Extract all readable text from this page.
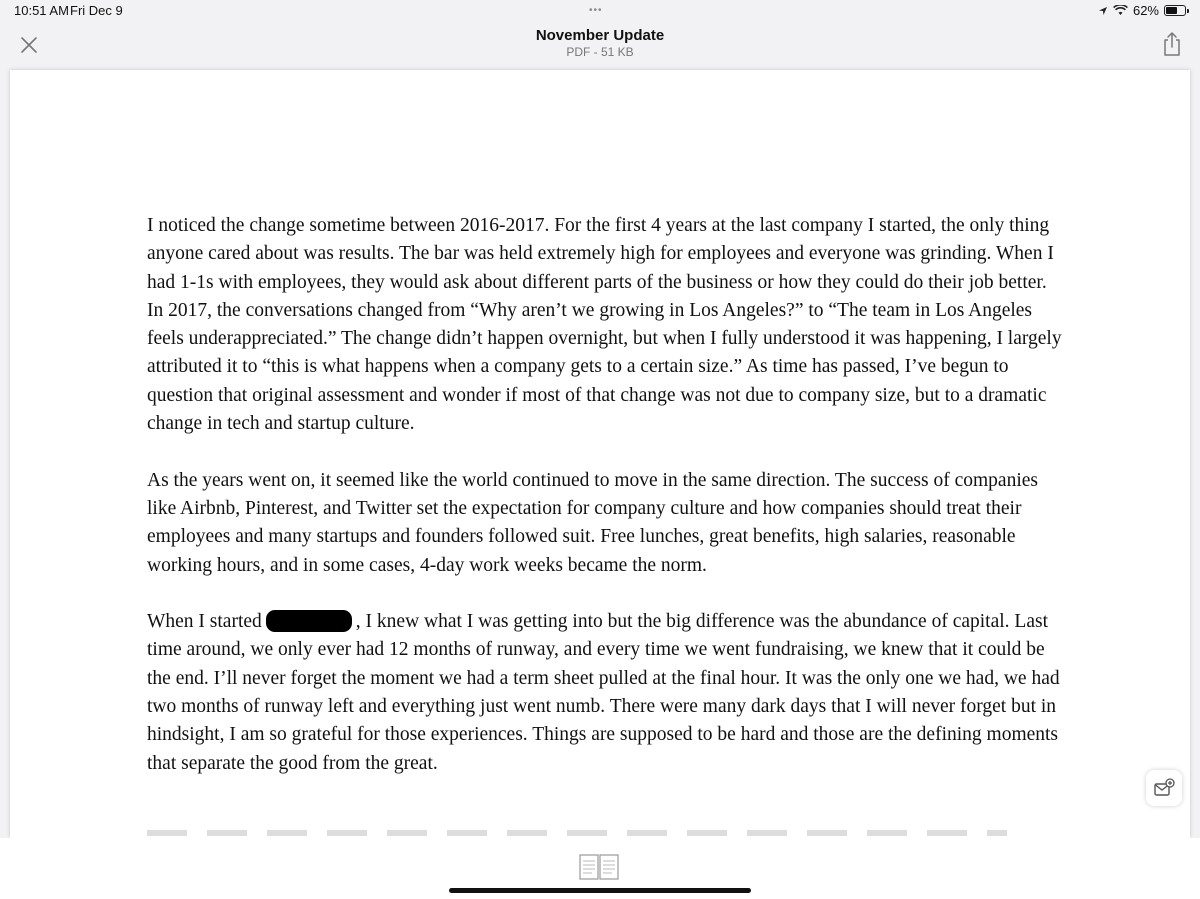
10:51 AM Fri Dec 9	•••	62%
November Update
PDF - 51 KB

I noticed the change sometime between 2016-2017. For the first 4 years at the last company I started, the only thing anyone cared about was results. The bar was held extremely high for employees and everyone was grinding. When I had 1-1s with employees, they would ask about different parts of the business or how they could do their job better. In 2017, the conversations changed from “Why aren’t we growing in Los Angeles?” to “The team in Los Angeles feels underappreciated.” The change didn’t happen overnight, but when I fully understood it was happening, I largely attributed it to “this is what happens when a company gets to a certain size.” As time has passed, I’ve begun to question that original assessment and wonder if most of that change was not due to company size, but to a dramatic change in tech and startup culture.

As the years went on, it seemed like the world continued to move in the same direction. The success of companies like Airbnb, Pinterest, and Twitter set the expectation for company culture and how companies should treat their employees and many startups and founders followed suit. Free lunches, great benefits, high salaries, reasonable working hours, and in some cases, 4-day work weeks became the norm.

When I started	, I knew what I was getting into but the big difference was the abundance of capital. Last time around, we only ever had 12 months of runway, and every time we went fundraising, we knew that it could be the end. I’ll never forget the moment we had a term sheet pulled at the final hour. It was the only one we had, we had two months of runway left and everything just went numb. There were many dark days that I will never forget but in hindsight, I am so grateful for those experiences. Things are supposed to be hard and those are the defining moments that separate the good from the great.
